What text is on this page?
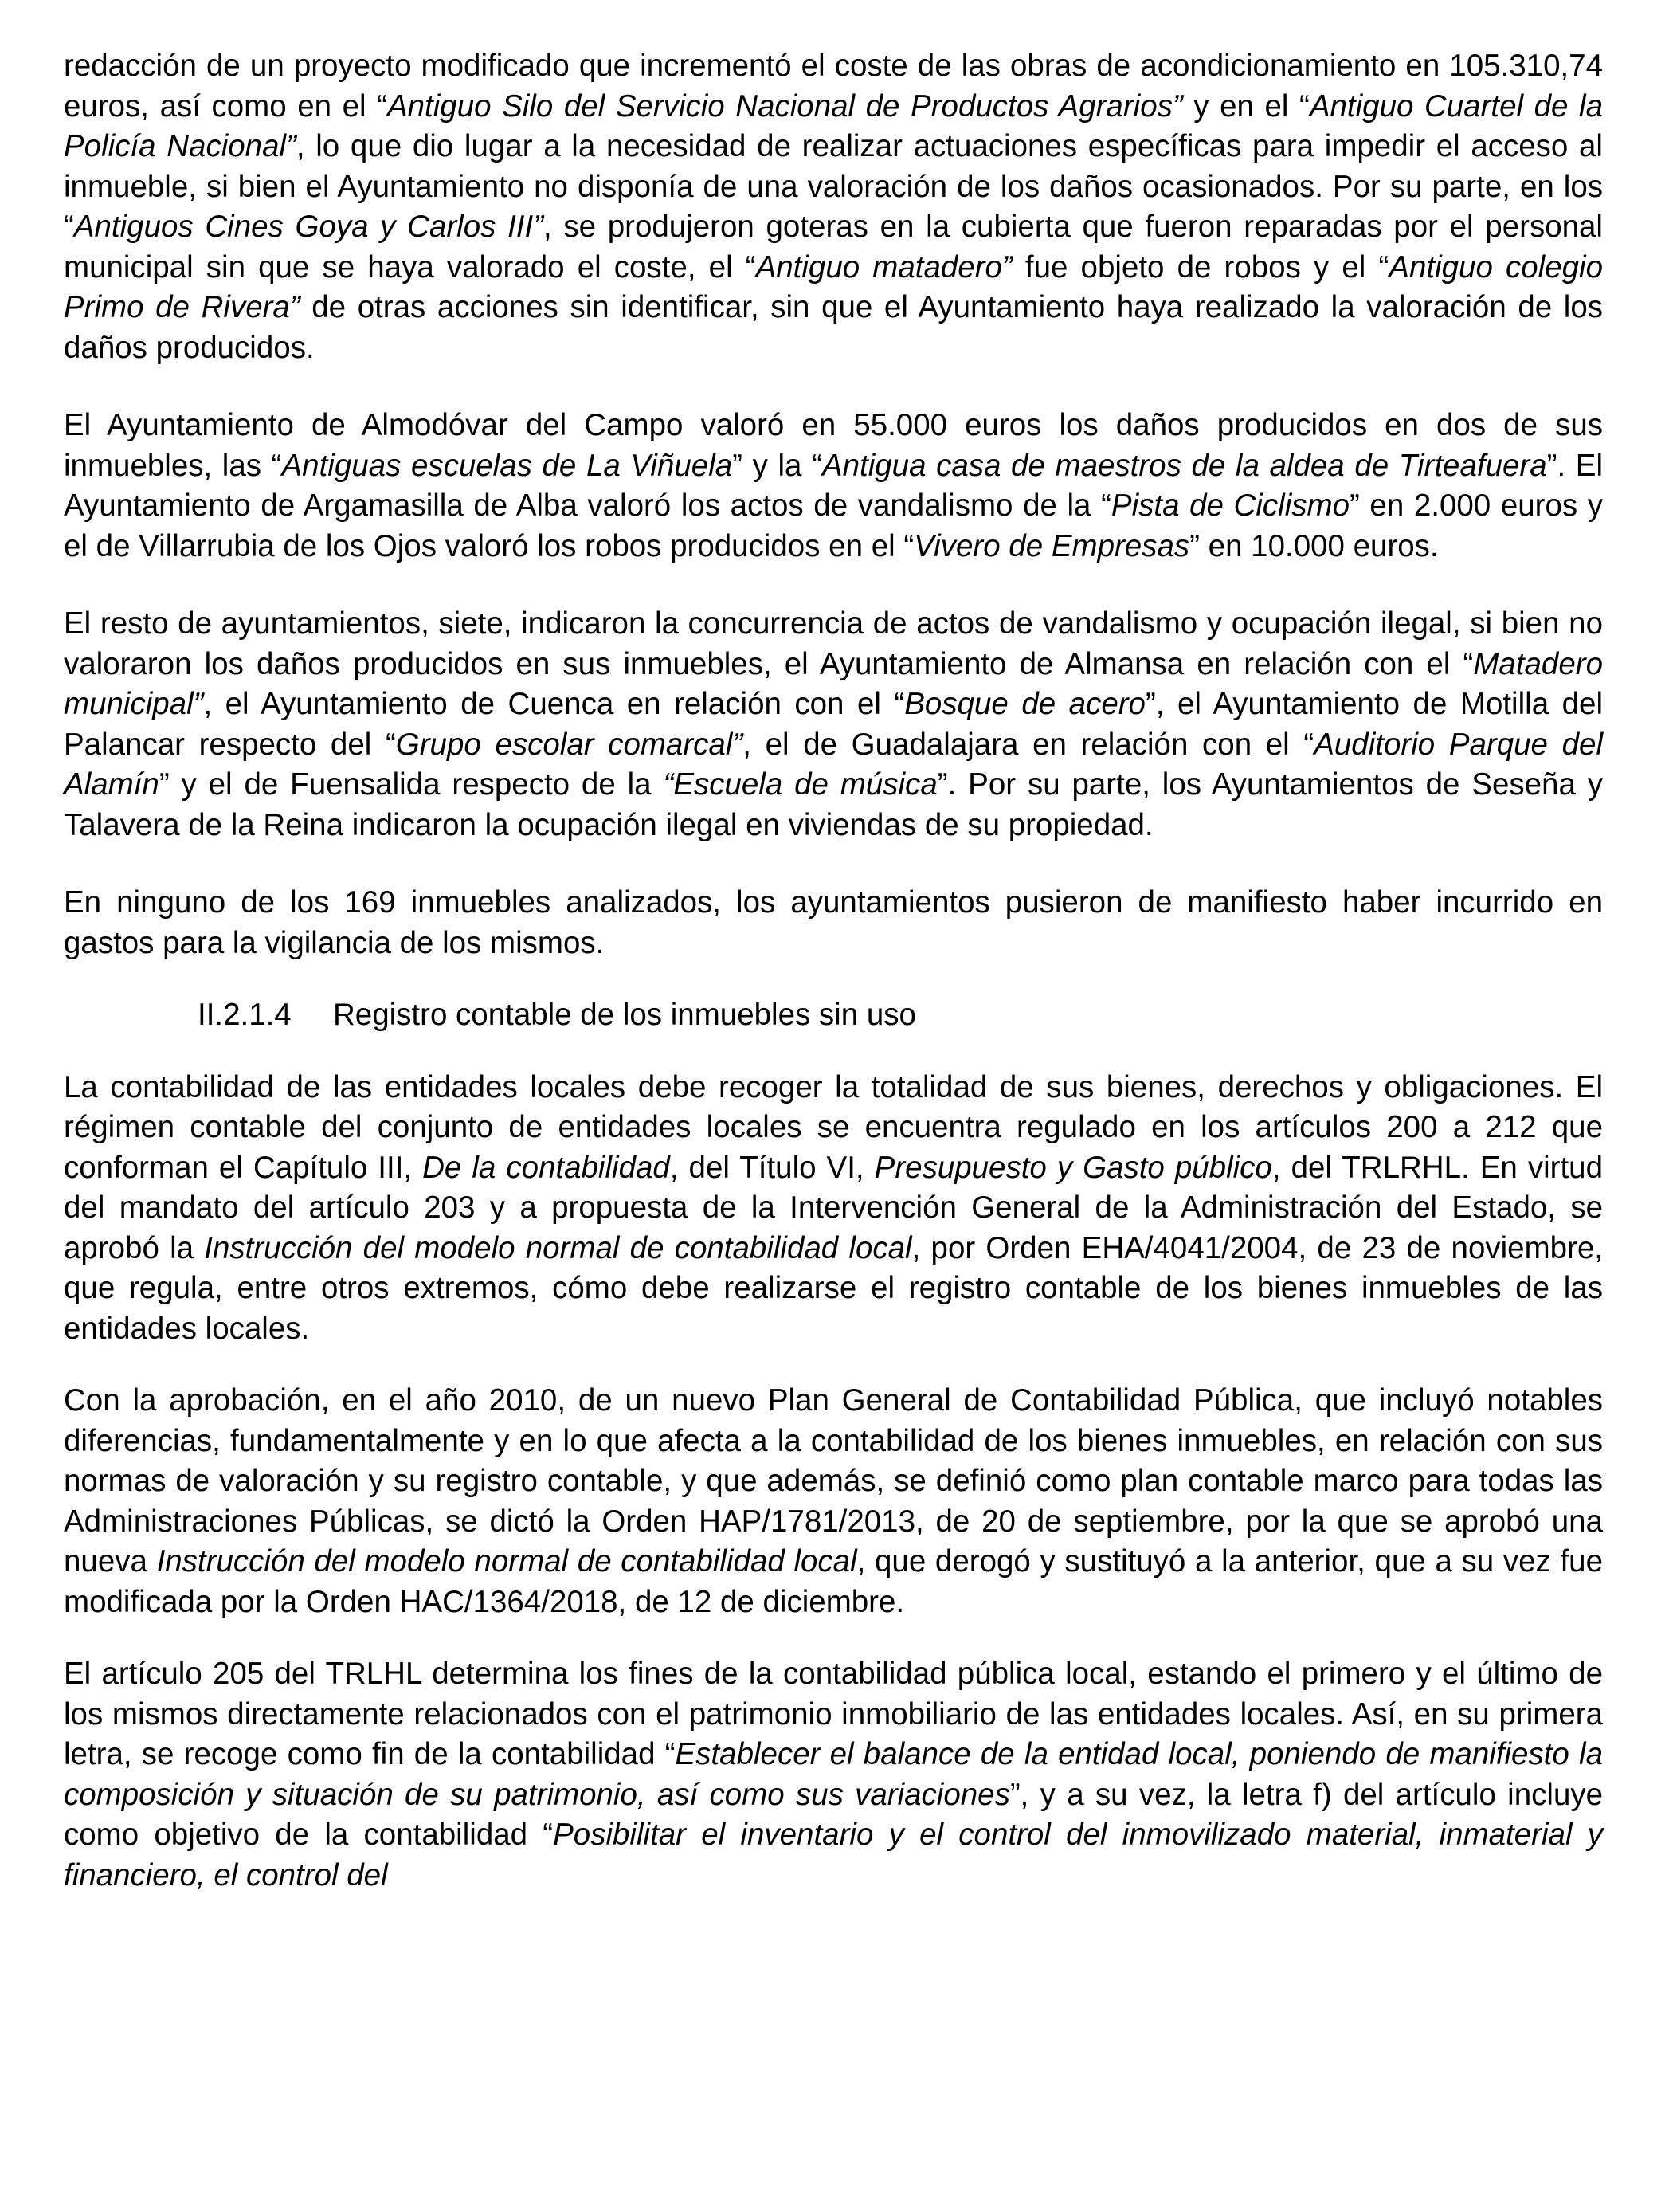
redacción de un proyecto modificado que incrementó el coste de las obras de acondicionamiento en 105.310,74 euros, así como en el “Antiguo Silo del Servicio Nacional de Productos Agrarios” y en el “Antiguo Cuartel de la Policía Nacional”, lo que dio lugar a la necesidad de realizar actuaciones específicas para impedir el acceso al inmueble, si bien el Ayuntamiento no disponía de una valoración de los daños ocasionados. Por su parte, en los “Antiguos Cines Goya y Carlos III”, se produjeron goteras en la cubierta que fueron reparadas por el personal municipal sin que se haya valorado el coste, el “Antiguo matadero” fue objeto de robos y el “Antiguo colegio Primo de Rivera” de otras acciones sin identificar, sin que el Ayuntamiento haya realizado la valoración de los daños producidos.

El Ayuntamiento de Almodóvar del Campo valoró en 55.000 euros los daños producidos en dos de sus inmuebles, las “Antiguas escuelas de La Viñuela” y la “Antigua casa de maestros de la aldea de Tirteafuera”. El Ayuntamiento de Argamasilla de Alba valoró los actos de vandalismo de la “Pista de Ciclismo” en 2.000 euros y el de Villarrubia de los Ojos valoró los robos producidos en el “Vivero de Empresas” en 10.000 euros.

El resto de ayuntamientos, siete, indicaron la concurrencia de actos de vandalismo y ocupación ilegal, si bien no valoraron los daños producidos en sus inmuebles, el Ayuntamiento de Almansa en relación con el “Matadero municipal”, el Ayuntamiento de Cuenca en relación con el “Bosque de acero”, el Ayuntamiento de Motilla del Palancar respecto del “Grupo escolar comarcal”, el de Guadalajara en relación con el “Auditorio Parque del Alamín” y el de Fuensalida respecto de la “Escuela de música”. Por su parte, los Ayuntamientos de Seseña y Talavera de la Reina indicaron la ocupación ilegal en viviendas de su propiedad.

En ninguno de los 169 inmuebles analizados, los ayuntamientos pusieron de manifiesto haber incurrido en gastos para la vigilancia de los mismos.

II.2.1.4 Registro contable de los inmuebles sin uso

La contabilidad de las entidades locales debe recoger la totalidad de sus bienes, derechos y obligaciones. El régimen contable del conjunto de entidades locales se encuentra regulado en los artículos 200 a 212 que conforman el Capítulo III, De la contabilidad, del Título VI, Presupuesto y Gasto público, del TRLRHL. En virtud del mandato del artículo 203 y a propuesta de la Intervención General de la Administración del Estado, se aprobó la Instrucción del modelo normal de contabilidad local, por Orden EHA/4041/2004, de 23 de noviembre, que regula, entre otros extremos, cómo debe realizarse el registro contable de los bienes inmuebles de las entidades locales.

Con la aprobación, en el año 2010, de un nuevo Plan General de Contabilidad Pública, que incluyó notables diferencias, fundamentalmente y en lo que afecta a la contabilidad de los bienes inmuebles, en relación con sus normas de valoración y su registro contable, y que además, se definió como plan contable marco para todas las Administraciones Públicas, se dictó la Orden HAP/1781/2013, de 20 de septiembre, por la que se aprobó una nueva Instrucción del modelo normal de contabilidad local, que derogó y sustituyó a la anterior, que a su vez fue modificada por la Orden HAC/1364/2018, de 12 de diciembre.

El artículo 205 del TRLHL determina los fines de la contabilidad pública local, estando el primero y el último de los mismos directamente relacionados con el patrimonio inmobiliario de las entidades locales. Así, en su primera letra, se recoge como fin de la contabilidad “Establecer el balance de la entidad local, poniendo de manifiesto la composición y situación de su patrimonio, así como sus variaciones”, y a su vez, la letra f) del artículo incluye como objetivo de la contabilidad “Posibilitar el inventario y el control del inmovilizado material, inmaterial y financiero, el control del
